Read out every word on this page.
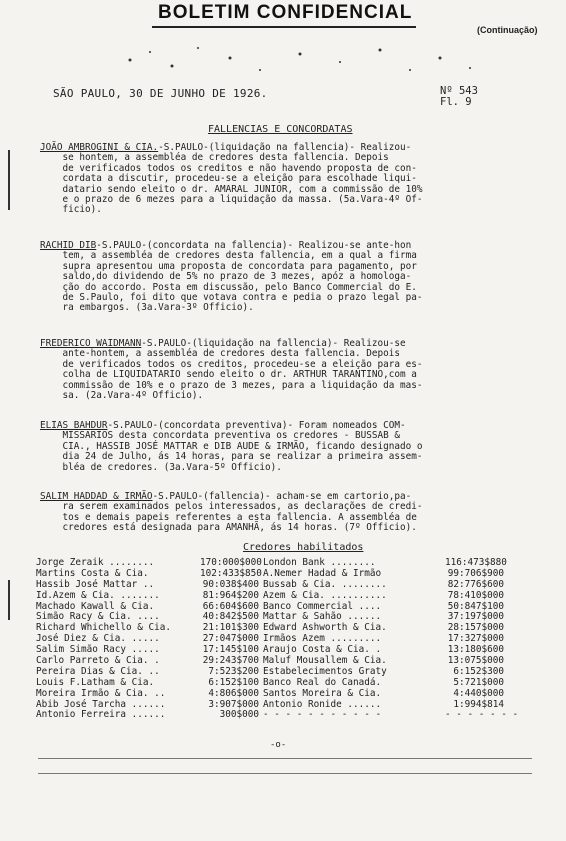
BOLETIM CONFIDENCIAL
(Continuação)
SÃO PAULO, 30 DE JUNHO DE 1926.	Nº 543
Fl. 9
FALLENCIAS E CONCORDATAS
JOÃO AMBROGINI & CIA.-S.PAULO-(liquidação na fallencia)- Realizou-
se hontem, a assembléa de credores desta fallencia. Depois
de verificados todos os creditos e não havendo proposta de con-
cordata a discutir, procedeu-se a eleição para escolhade liqui-
datario sendo eleito o dr. AMARAL JUNIOR, com a commissão de 10%
e o prazo de 6 mezes para a liquidação da massa. (5a.Vara-4º Of-
ficio).
RACHID DIB-S.PAULO-(concordata na fallencia)- Realizou-se ante-hon
tem, a assembléa de credores desta fallencia, em a qual a firma
supra apresentou uma proposta de concordata para pagamento, por
saldo,do dividendo de 5% no prazo de 3 mezes, apóz a homologa-
ção do accordo. Posta em discussão, pelo Banco Commercial do E.
de S.Paulo, foi dito que votava contra e pedia o prazo legal pa-
ra embargos. (3a.Vara-3º Officio).
FREDERICO WAIDMANN-S.PAULO-(liquidação na fallencia)- Realizou-se
ante-hontem, a assembléa de credores desta fallencia. Depois
de verificados todos os creditos, procedeu-se a eleição para es-
colha de LIQUIDATARIO sendo eleito o dr. ARTHUR TARANTINO,com a
commissão de 10% e o prazo de 3 mezes, para a liquidação da mas-
sa. (2a.Vara-4º Officio).
ELIAS BAHDUR-S.PAULO-(concordata preventiva)- Foram nomeados COM-
MISSARIOS desta concordata preventiva os credores - BUSSAB &
CIA., HASSIB JOSÉ MATTAR e DIB AUDE & IRMÃO, ficando designado o
dia 24 de Julho, ás 14 horas, para se realizar a primeira assem-
bléa de credores. (3a.Vara-5º Officio).
SALIM HADDAD & IRMÃO-S.PAULO-(fallencia)- acham-se em cartorio,pa-
ra serem examinados pelos interessados, as declarações de credi-
tos e demais papeis referentes a esta fallencia. A assembléa de
credores está designada para AMANHÃ, ás 14 horas. (7º Officio).
Credores habilitados
Jorge Zeraik ........	170:000$000 London Bank ........	116:473$880
Martins Costa & Cia.	102:433$850 A.Nemer Hadad & Irmão	99:706$900
Hassib José Mattar ..	90:038$400 Bussab & Cia. ........	82:776$600
Id.Azem & Cia. .......	81:964$200 Azem & Cia. ..........	78:410$000
Machado Kawall & Cia.	66:604$600 Banco Commercial ....	50:847$100
Simão Racy & Cia. ....	40:842$500 Mattar & Sahão ......	37:197$000
Richard Whichello & Cia.	21:101$300 Edward Ashworth & Cia.	28:157$000
José Diez & Cia. .....	27:047$000 Irmãos Azem .........	17:327$000
Salim Simão Racy .....	17:145$100 Araujo Costa & Cia. .	13:180$600
Carlo Parreto & Cia. .	29:243$700 Maluf Mousallem & Cia.	13:075$000
Pereira Dias & Cia. ..	7:523$200 Estabelecimentos Graty	6:152$300
Louis F.Latham & Cia.	6:152$100 Banco Real do Canadá.	5:721$000
Moreira Irmão & Cia. ..	4:806$000 Santos Moreira & Cia.	4:440$000
Abib José Tarcha ......	3:907$000 Antonio Ronide ......	1:994$814
Antonio Ferreira ......	300$000 - - - - - - - - - - -	- - - - - - -
-o-
